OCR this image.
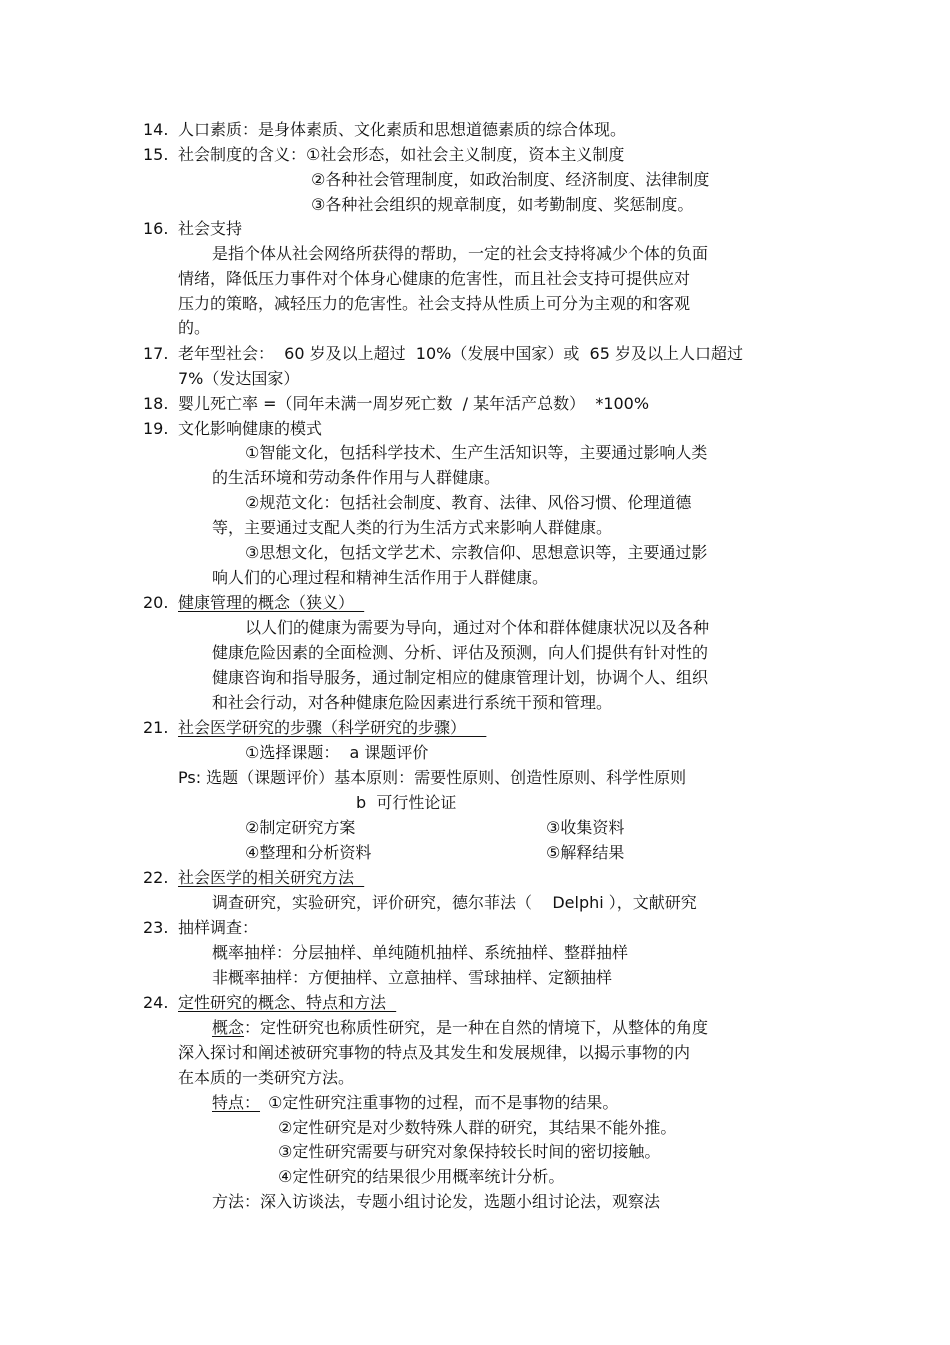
14. 人口素质：是身体素质、文化素质和思想道德素质的综合体现。
15. 社会制度的含义：①社会形态，如社会主义制度，资本主义制度
②各种社会管理制度，如政治制度、经济制度、法律制度
③各种社会组织的规章制度，如考勤制度、奖惩制度。
16. 社会支持
是指个体从社会网络所获得的帮助，一定的社会支持将减少个体的负面
情绪，降低压力事件对个体身心健康的危害性，而且社会支持可提供应对
压力的策略，减轻压力的危害性。社会支持从性质上可分为主观的和客观
的。
17. 老年型社会：  60 岁及以上超过  10%（发展中国家）或  65 岁及以上人口超过
7%（发达国家）
18. 婴儿死亡率 =（同年未满一周岁死亡数  / 某年活产总数）  *100%
19. 文化影响健康的模式
①智能文化，包括科学技术、生产生活知识等，主要通过影响人类
的生活环境和劳动条件作用与人群健康。
②规范文化：包括社会制度、教育、法律、风俗习惯、伦理道德
等，主要通过支配人类的行为生活方式来影响人群健康。
③思想文化，包括文学艺术、宗教信仰、思想意识等，主要通过影
响人们的心理过程和精神生活作用于人群健康。
20. 健康管理的概念（狭义）
以人们的健康为需要为导向，通过对个体和群体健康状况以及各种
健康危险因素的全面检测、分析、评估及预测，向人们提供有针对性的
健康咨询和指导服务，通过制定相应的健康管理计划，协调个人、组织
和社会行动，对各种健康危险因素进行系统干预和管理。
21. 社会医学研究的步骤（科学研究的步骤）
①选择课题：  a 课题评价
Ps: 选题（课题评价）基本原则：需要性原则、创造性原则、科学性原则
b  可行性论证
②制定研究方案	③收集资料
④整理和分析资料	⑤解释结果
22. 社会医学的相关研究方法
调查研究，实验研究，评价研究，德尔菲法（    Delphi ），文献研究
23. 抽样调查：
概率抽样：分层抽样、单纯随机抽样、系统抽样、整群抽样
非概率抽样：方便抽样、立意抽样、雪球抽样、定额抽样
24. 定性研究的概念、特点和方法
概念：定性研究也称质性研究，是一种在自然的情境下，从整体的角度
深入探讨和阐述被研究事物的特点及其发生和发展规律，以揭示事物的内
在本质的一类研究方法。
特点： ①定性研究注重事物的过程，而不是事物的结果。
②定性研究是对少数特殊人群的研究，其结果不能外推。
③定性研究需要与研究对象保持较长时间的密切接触。
④定性研究的结果很少用概率统计分析。
方法：深入访谈法，专题小组讨论发，选题小组讨论法，观察法
